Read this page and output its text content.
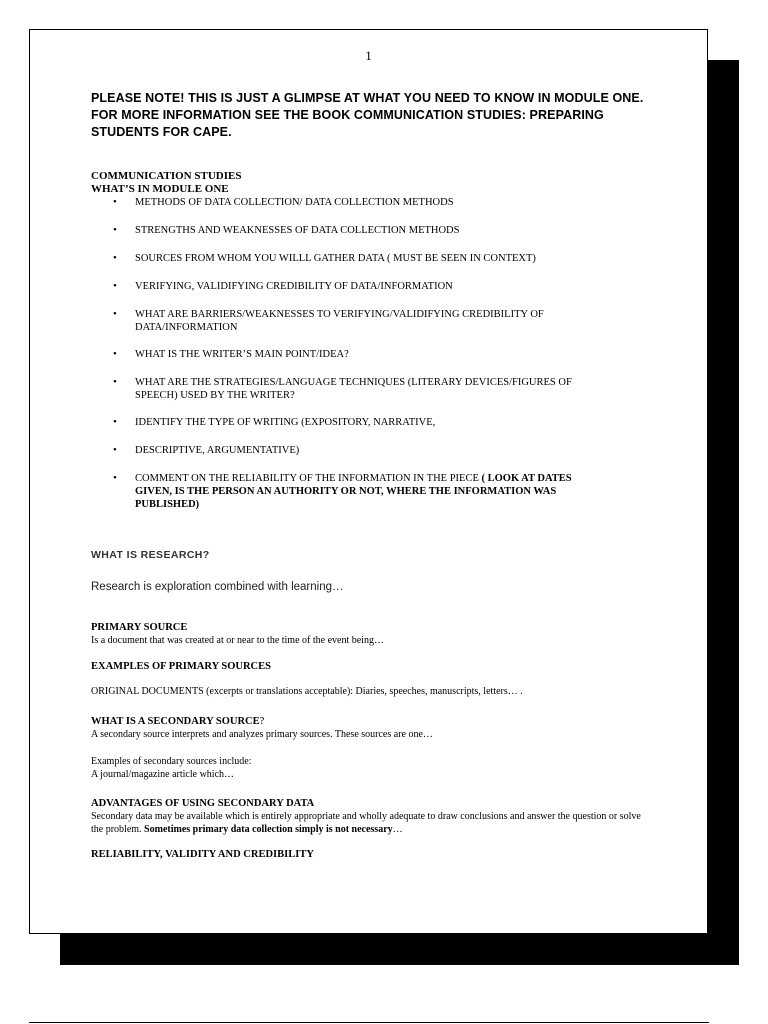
1
PLEASE NOTE! THIS IS JUST A GLIMPSE AT WHAT YOU NEED TO KNOW IN MODULE ONE. FOR MORE INFORMATION SEE THE BOOK COMMUNICATION STUDIES: PREPARING STUDENTS FOR CAPE.
COMMUNICATION STUDIES
WHAT’S IN MODULE ONE
• METHODS OF DATA COLLECTION/ DATA COLLECTION METHODS
• STRENGTHS AND WEAKNESSES OF DATA COLLECTION METHODS
• SOURCES FROM WHOM YOU WILLL GATHER DATA ( MUST BE SEEN IN CONTEXT)
• VERIFYING, VALIDIFYING CREDIBILITY OF DATA/INFORMATION
• WHAT ARE BARRIERS/WEAKNESSES TO VERIFYING/VALIDIFYING CREDIBILITY OF DATA/INFORMATION
• WHAT IS THE WRITER’S MAIN POINT/IDEA?
• WHAT ARE THE STRATEGIES/LANGUAGE TECHNIQUES (LITERARY DEVICES/FIGURES OF SPEECH) USED BY THE WRITER?
• IDENTIFY THE TYPE OF WRITING (EXPOSITORY, NARRATIVE,
• DESCRIPTIVE, ARGUMENTATIVE)
• COMMENT ON THE RELIABILITY OF THE INFORMATION IN THE PIECE ( LOOK AT DATES GIVEN, IS THE PERSON AN AUTHORITY OR NOT, WHERE THE INFORMATION WAS PUBLISHED)
WHAT IS RESEARCH?
Research is exploration combined with learning…
PRIMARY SOURCE
Is a document that was created at or near to the time of the event being…
EXAMPLES OF PRIMARY SOURCES
ORIGINAL DOCUMENTS (excerpts or translations acceptable): Diaries, speeches, manuscripts, letters… .
WHAT IS A SECONDARY SOURCE?
A secondary source interprets and analyzes primary sources. These sources are one…
Examples of secondary sources include:
A journal/magazine article which…
ADVANTAGES OF USING SECONDARY DATA
Secondary data may be available which is entirely appropriate and wholly adequate to draw conclusions and answer the question or solve the problem. Sometimes primary data collection simply is not necessary…
RELIABILITY, VALIDITY AND CREDIBILITY
